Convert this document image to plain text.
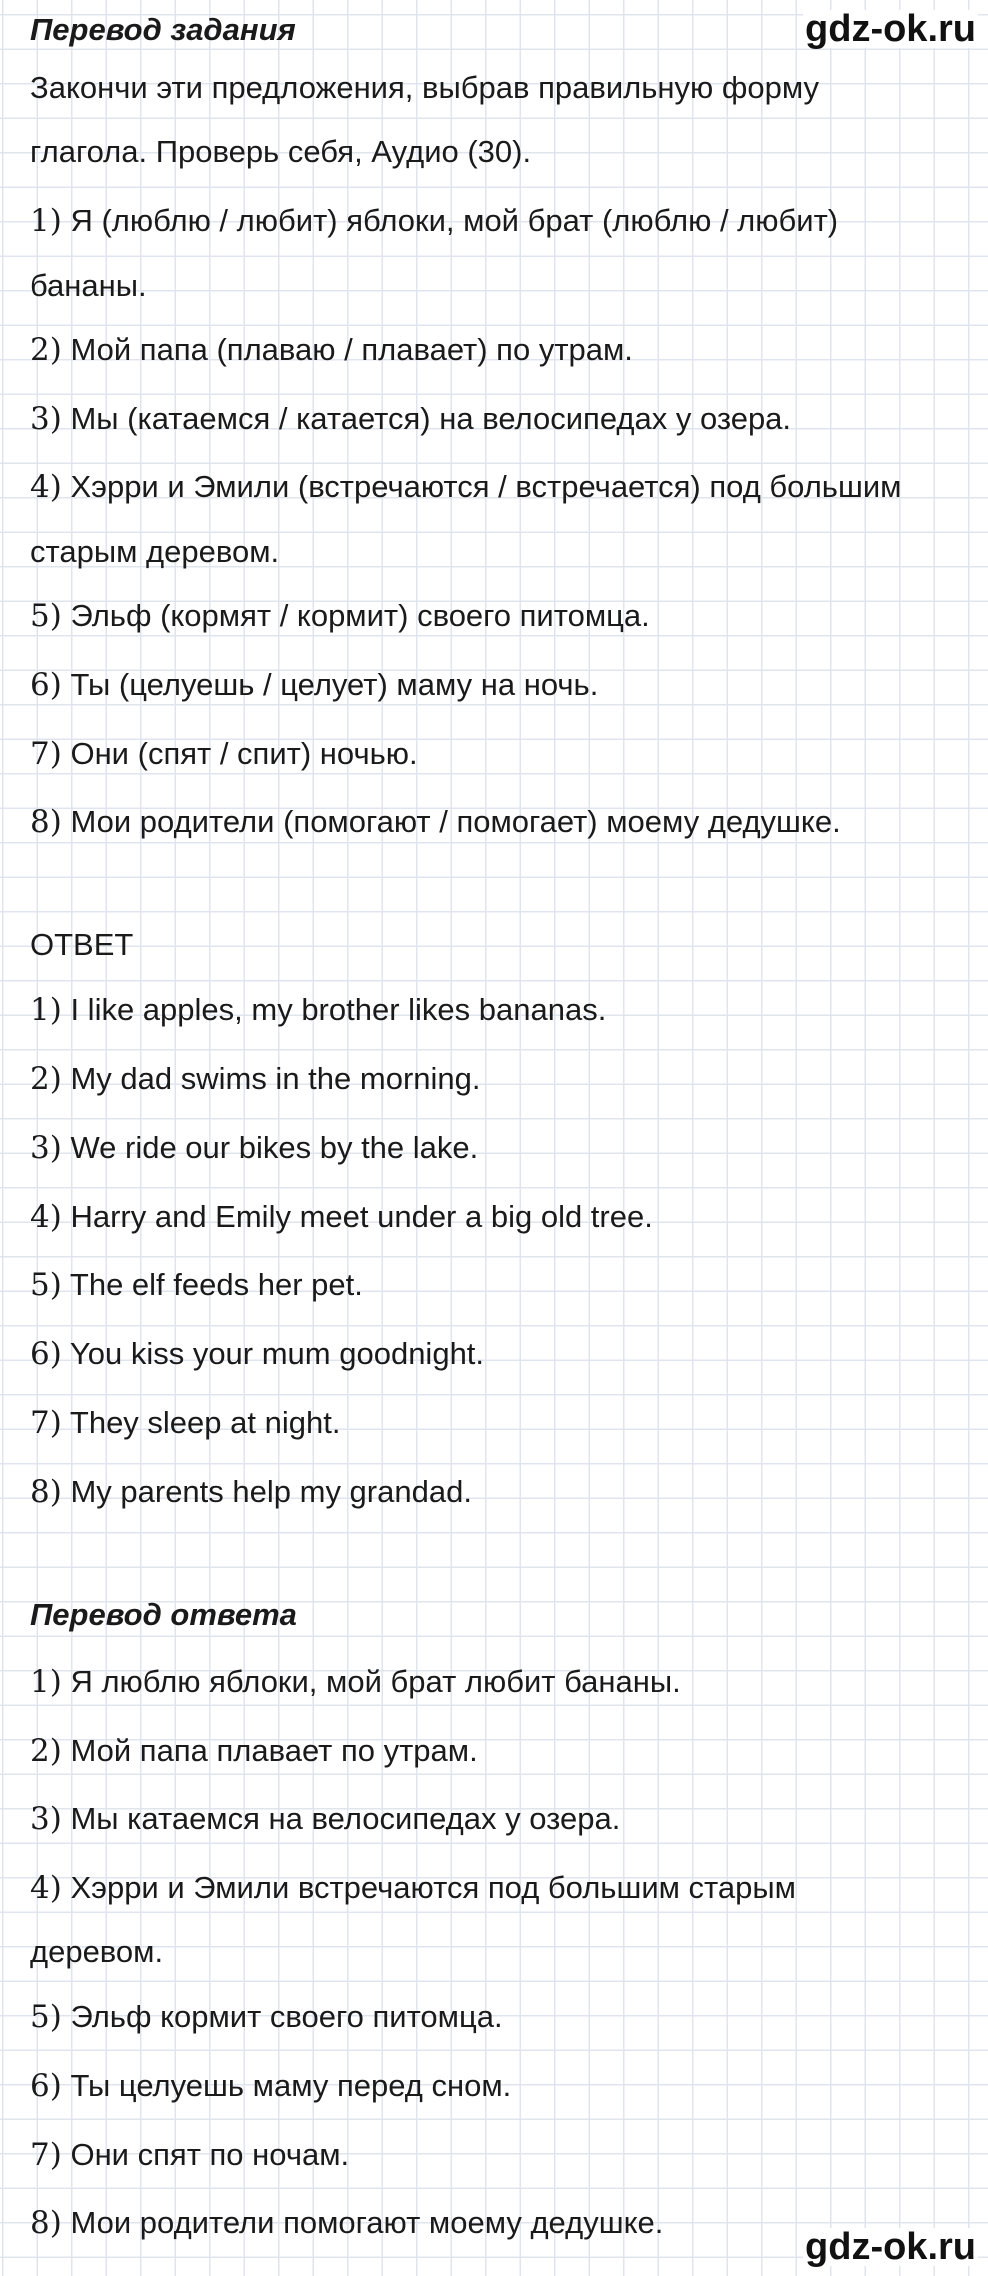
gdz-ok.ru
gdz-ok.ru
Перевод задания
Закончи эти предложения, выбрав правильную форму
глагола. Проверь себя, Аудио (30).
1) Я (люблю / любит) яблоки, мой брат (люблю / любит)
бананы.
2) Мой папа (плаваю / плавает) по утрам.
3) Мы (катаемся / катается) на велосипедах у озера.
4) Хэрри и Эмили (встречаются / встречается) под большим
старым деревом.
5) Эльф (кормят / кормит) своего питомца.
6) Ты (целуешь / целует) маму на ночь.
7) Они (спят / спит) ночью.
8) Мои родители (помогают / помогает) моему дедушке.
ОТВЕТ
1) I like apples, my brother likes bananas.
2) My dad swims in the morning.
3) We ride our bikes by the lake.
4) Harry and Emily meet under a big old tree.
5) The elf feeds her pet.
6) You kiss your mum goodnight.
7) They sleep at night.
8) My parents help my grandad.
Перевод ответа
1) Я люблю яблоки, мой брат любит бананы.
2) Мой папа плавает по утрам.
3) Мы катаемся на велосипедах у озера.
4) Хэрри и Эмили встречаются под большим старым
деревом.
5) Эльф кормит своего питомца.
6) Ты целуешь маму перед сном.
7) Они спят по ночам.
8) Мои родители помогают моему дедушке.
